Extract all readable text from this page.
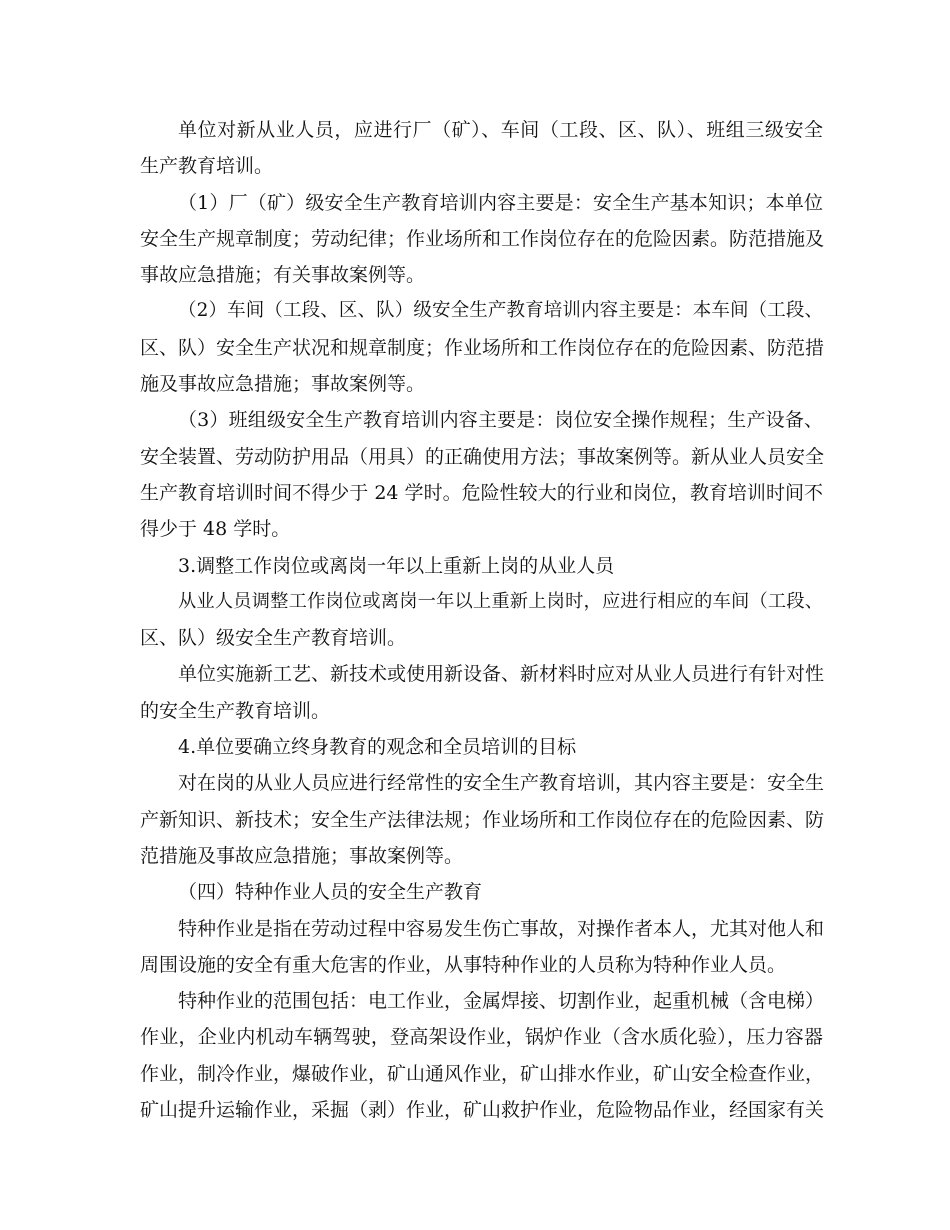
单位对新从业人员，应进行厂（矿）、车间（工段、区、队）、班组三级安全
生产教育培训。
（1）厂（矿）级安全生产教育培训内容主要是：安全生产基本知识；本单位
安全生产规章制度；劳动纪律；作业场所和工作岗位存在的危险因素。防范措施及
事故应急措施；有关事故案例等。
（2）车间（工段、区、队）级安全生产教育培训内容主要是：本车间（工段、
区、队）安全生产状况和规章制度；作业场所和工作岗位存在的危险因素、防范措
施及事故应急措施；事故案例等。
（3）班组级安全生产教育培训内容主要是：岗位安全操作规程；生产设备、
安全装置、劳动防护用品（用具）的正确使用方法；事故案例等。新从业人员安全
生产教育培训时间不得少于 24 学时。危险性较大的行业和岗位，教育培训时间不
得少于 48 学时。
3.调整工作岗位或离岗一年以上重新上岗的从业人员
从业人员调整工作岗位或离岗一年以上重新上岗时，应进行相应的车间（工段、
区、队）级安全生产教育培训。
单位实施新工艺、新技术或使用新设备、新材料时应对从业人员进行有针对性
的安全生产教育培训。
4.单位要确立终身教育的观念和全员培训的目标
对在岗的从业人员应进行经常性的安全生产教育培训，其内容主要是：安全生
产新知识、新技术；安全生产法律法规；作业场所和工作岗位存在的危险因素、防
范措施及事故应急措施；事故案例等。
（四）特种作业人员的安全生产教育
特种作业是指在劳动过程中容易发生伤亡事故，对操作者本人，尤其对他人和
周围设施的安全有重大危害的作业，从事特种作业的人员称为特种作业人员。
特种作业的范围包括：电工作业，金属焊接、切割作业，起重机械（含电梯）
作业，企业内机动车辆驾驶，登高架设作业，锅炉作业（含水质化验），压力容器
作业，制冷作业，爆破作业，矿山通风作业，矿山排水作业，矿山安全检查作业，
矿山提升运输作业，采掘（剥）作业，矿山救护作业，危险物品作业，经国家有关
